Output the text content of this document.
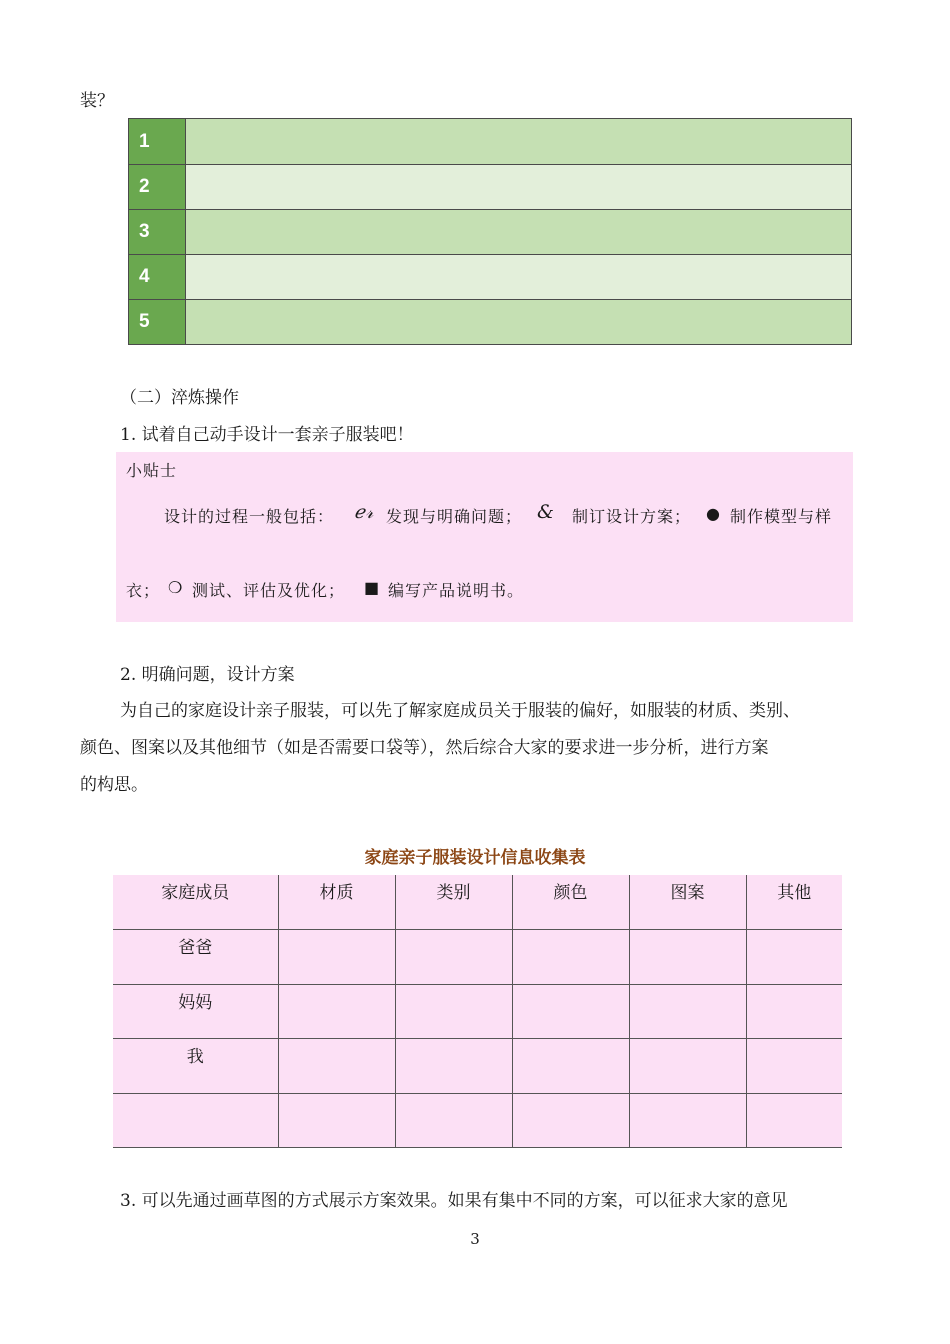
装？
1
2
3
4
5
（二）淬炼操作
1. 试着自己动手设计一套亲子服装吧！
小贴士
设计的过程一般包括： ℯ𝓇 发现与明确问题； & 制订设计方案； ● 制作模型与样
衣； ❍ 测试、评估及优化； ■ 编写产品说明书。
2. 明确问题，设计方案
为自己的家庭设计亲子服装，可以先了解家庭成员关于服装的偏好，如服装的材质、类别、
颜色、图案以及其他细节（如是否需要口袋等），然后综合大家的要求进一步分析，进行方案
的构思。
家庭亲子服装设计信息收集表
家庭成员	材质	类别	颜色	图案	其他
爸爸					
妈妈					
我					

3. 可以先通过画草图的方式展示方案效果。如果有集中不同的方案，可以征求大家的意见
3
